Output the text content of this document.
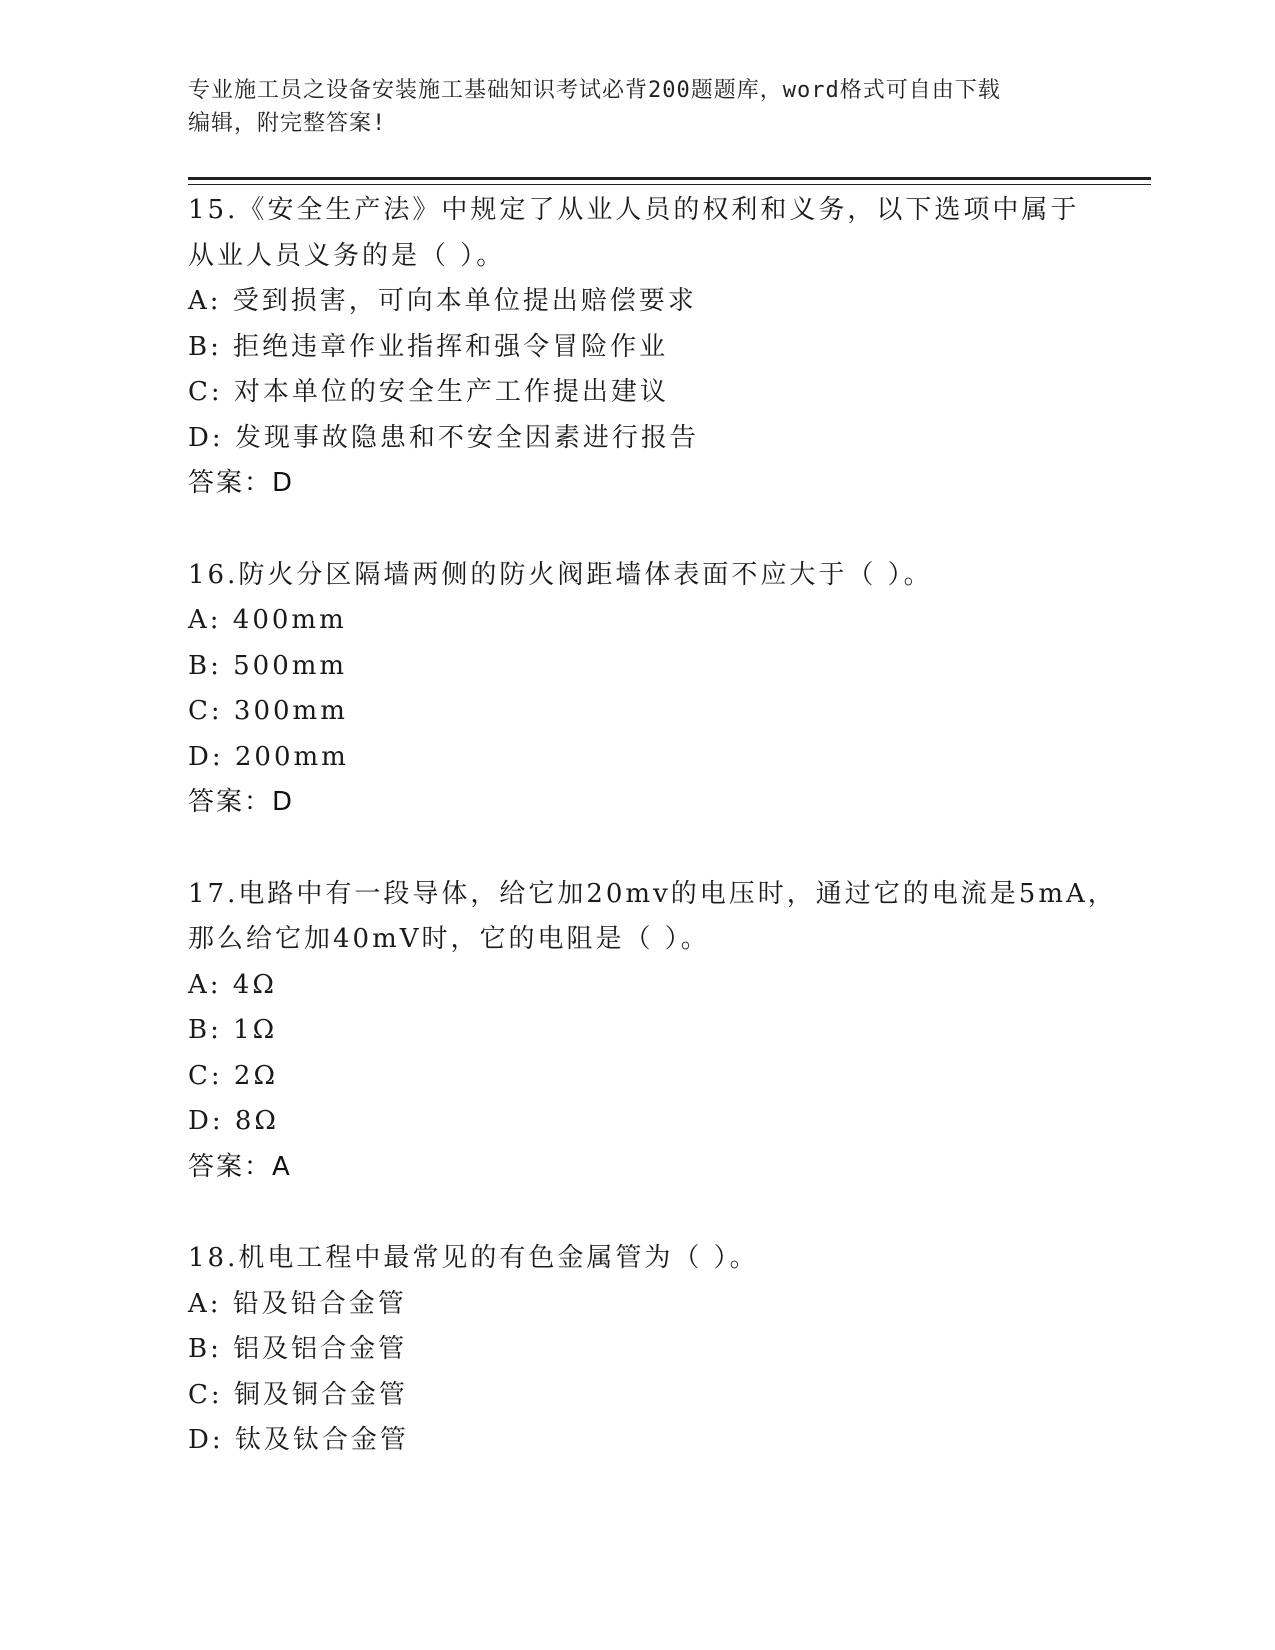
专业施工员之设备安装施工基础知识考试必背200题题库，word格式可自由下载
编辑，附完整答案!
15.《安全生产法》中规定了从业人员的权利和义务，以下选项中属于
从业人员义务的是（ ）。
A: 受到损害，可向本单位提出赔偿要求
B: 拒绝违章作业指挥和强令冒险作业
C: 对本单位的安全生产工作提出建议
D: 发现事故隐患和不安全因素进行报告
答案：D
16.防火分区隔墙两侧的防火阀距墙体表面不应大于（ ）。
A: 400mm
B: 500mm
C: 300mm
D: 200mm
答案：D
17.电路中有一段导体，给它加20mv的电压时，通过它的电流是5mA，
那么给它加40mV时，它的电阻是（ ）。
A: 4Ω
B: 1Ω
C: 2Ω
D: 8Ω
答案：A
18.机电工程中最常见的有色金属管为（ ）。
A: 铅及铅合金管
B: 铝及铝合金管
C: 铜及铜合金管
D: 钛及钛合金管
